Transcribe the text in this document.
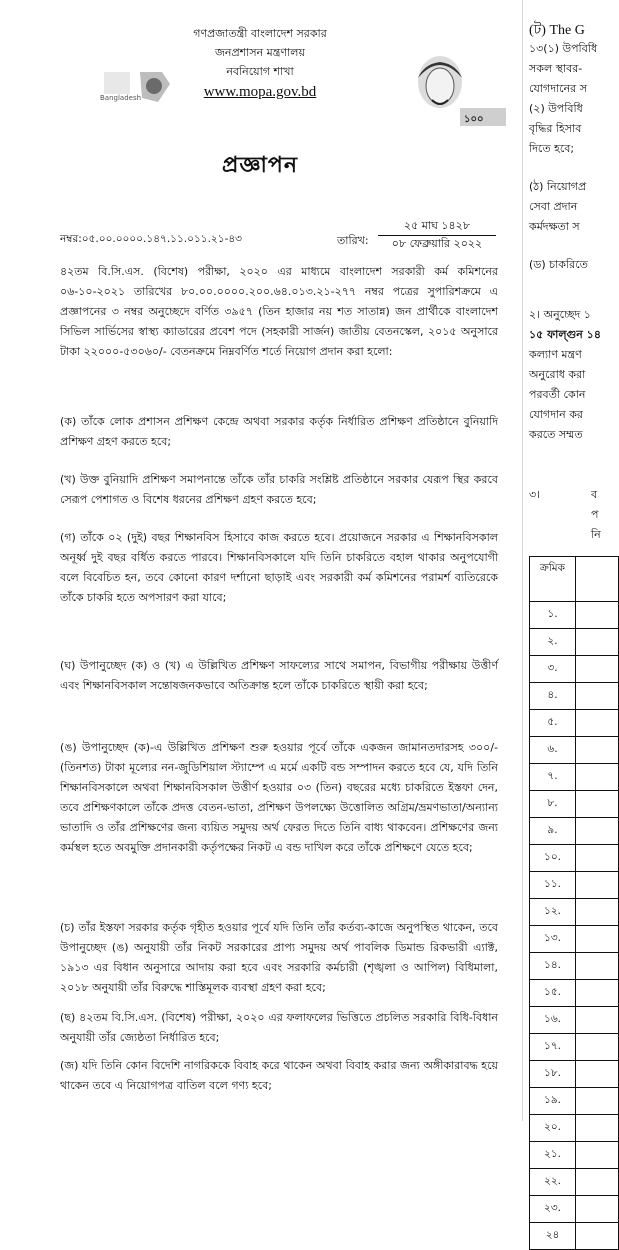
Bangladesh
১০০
গণপ্রজাতন্ত্রী বাংলাদেশ সরকার
জনপ্রশাসন মন্ত্রণালয়
নবনিয়োগ শাখা
www.mopa.gov.bd
প্রজ্ঞাপন
নম্বর:০৫.০০.০০০০.১৪৭.১১.০১১.২১-৪৩	তারিখ:
২৫ মাঘ ১৪২৮
০৮ ফেব্রুয়ারি ২০২২
৪২তম বি.সি.এস. (বিশেষ) পরীক্ষা, ২০২০ এর মাধ্যমে বাংলাদেশ সরকারী কর্ম কমিশনের ০৬-১০-২০২১ তারিখের ৮০.০০.০০০০.২০০.৬৪.০১৩.২১-২৭৭ নম্বর পত্রের সুপারিশক্রমে এ প্রজ্ঞাপনের ৩ নম্বর অনুচ্ছেদে বর্ণিত ৩৯৫৭ (তিন হাজার নয় শত সাতান্ন) জন প্রার্থীকে বাংলাদেশ সিভিল সার্ভিসের স্বাস্থ্য ক্যাডারের প্রবেশ পদে (সহকারী সার্জন) জাতীয় বেতনস্কেল, ২০১৫ অনুসারে টাকা ২২০০০-৫৩০৬০/- বেতনক্রমে নিম্নবর্ণিত শর্তে নিয়োগ প্রদান করা হলো:
(ক) তাঁকে লোক প্রশাসন প্রশিক্ষণ কেন্দ্রে অথবা সরকার কর্তৃক নির্ধারিত প্রশিক্ষণ প্রতিষ্ঠানে বুনিয়াদি প্রশিক্ষণ গ্রহণ করতে হবে;
(খ) উক্ত বুনিয়াদি প্রশিক্ষণ সমাপনান্তে তাঁকে তাঁর চাকরি সংশ্লিষ্ট প্রতিষ্ঠানে সরকার যেরূপ স্থির করবে সেরূপ পেশাগত ও বিশেষ ধরনের প্রশিক্ষণ গ্রহণ করতে হবে;
(গ) তাঁকে ০২ (দুই) বছর শিক্ষানবিস হিসাবে কাজ করতে হবে। প্রয়োজনে সরকার এ শিক্ষানবিসকাল অনূর্ধ্ব দুই বছর বর্ধিত করতে পারবে। শিক্ষানবিসকালে যদি তিনি চাকরিতে বহাল থাকার অনুপযোগী বলে বিবেচিত হন, তবে কোনো কারণ দর্শানো ছাড়াই এবং সরকারী কর্ম কমিশনের পরামর্শ ব্যতিরেকে তাঁকে চাকরি হতে অপসারণ করা যাবে;
(ঘ) উপানুচ্ছেদ (ক) ও (খ) এ উল্লিখিত প্রশিক্ষণ সাফল্যের সাথে সমাপন, বিভাগীয় পরীক্ষায় উত্তীর্ণ এবং শিক্ষানবিসকাল সন্তোষজনকভাবে অতিক্রান্ত হলে তাঁকে চাকরিতে স্থায়ী করা হবে;
(ঙ) উপানুচ্ছেদ (ক)-এ উল্লিখিত প্রশিক্ষণ শুরু হওয়ার পূর্বে তাঁকে একজন জামানতদারসহ ৩০০/- (তিনশত) টাকা মূল্যের নন-জুডিশিয়াল স্ট্যাম্পে এ মর্মে একটি বন্ড সম্পাদন করতে হবে যে, যদি তিনি শিক্ষানবিসকালে অথবা শিক্ষানবিসকাল উত্তীর্ণ হওয়ার ০৩ (তিন) বছরের মধ্যে চাকরিতে ইস্তফা দেন, তবে প্রশিক্ষণকালে তাঁকে প্রদত্ত বেতন-ভাতা, প্রশিক্ষণ উপলক্ষ্যে উত্তোলিত অগ্রিম/ভ্রমণভাতা/অন্যান্য ভাতাদি ও তাঁর প্রশিক্ষণের জন্য ব্যয়িত সমুদয় অর্থ ফেরত দিতে তিনি বাধ্য থাকবেন। প্রশিক্ষণের জন্য কর্মস্থল হতে অবমুক্তি প্রদানকারী কর্তৃপক্ষের নিকট এ বন্ড দাখিল করে তাঁকে প্রশিক্ষণে যেতে হবে;
(চ) তাঁর ইস্তফা সরকার কর্তৃক গৃহীত হওয়ার পূর্বে যদি তিনি তাঁর কর্তব্য-কাজে অনুপস্থিত থাকেন, তবে উপানুচ্ছেদ (ঙ) অনুযায়ী তাঁর নিকট সরকারের প্রাপ্য সমুদয় অর্থ পাবলিক ডিমান্ড রিকভারী এ্যাক্ট, ১৯১৩ এর বিধান অনুসারে আদায় করা হবে এবং সরকারি কর্মচারী (শৃঙ্খলা ও আপিল) বিধিমালা, ২০১৮ অনুযায়ী তাঁর বিরুদ্ধে শাস্তিমূলক ব্যবস্থা গ্রহণ করা হবে;
(ছ) ৪২তম বি.সি.এস. (বিশেষ) পরীক্ষা, ২০২০ এর ফলাফলের ভিত্তিতে প্রচলিত সরকারি বিধি-বিধান অনুযায়ী তাঁর জ্যেষ্ঠতা নির্ধারিত হবে;
(জ) যদি তিনি কোন বিদেশি নাগরিককে বিবাহ করে থাকেন অথবা বিবাহ করার জন্য অঙ্গীকারাবদ্ধ হয়ে থাকেন তবে এ নিয়োগপত্র বাতিল বলে গণ্য হবে;
(ট) The G
১৩(১) উপবিধি
সকল স্থাবর-
যোগদানের স
(২) উপবিধি
বৃদ্ধির হিসাব
দিতে হবে;
(ঠ) নিয়োগপ্র
সেবা প্রদান
কর্মদক্ষতা স
(ড) চাকরিতে
২। অনুচ্ছেদ ১
১৫ ফাল্গুন ১৪
কল্যাণ মন্ত্রণ
অনুরোধ করা
পরবর্তী কোন
যোগদান কর
করতে সম্মত
৩।	ব
প
নি
ক্রমিক	
১.	
২.	
৩.	
৪.	
৫.	
৬.	
৭.	
৮.	
৯.	
১০.	
১১.	
১২.	
১৩.	
১৪.	
১৫.	
১৬.	
১৭.	
১৮.	
১৯.	
২০.	
২১.	
২২.	
২৩.	
২৪	
